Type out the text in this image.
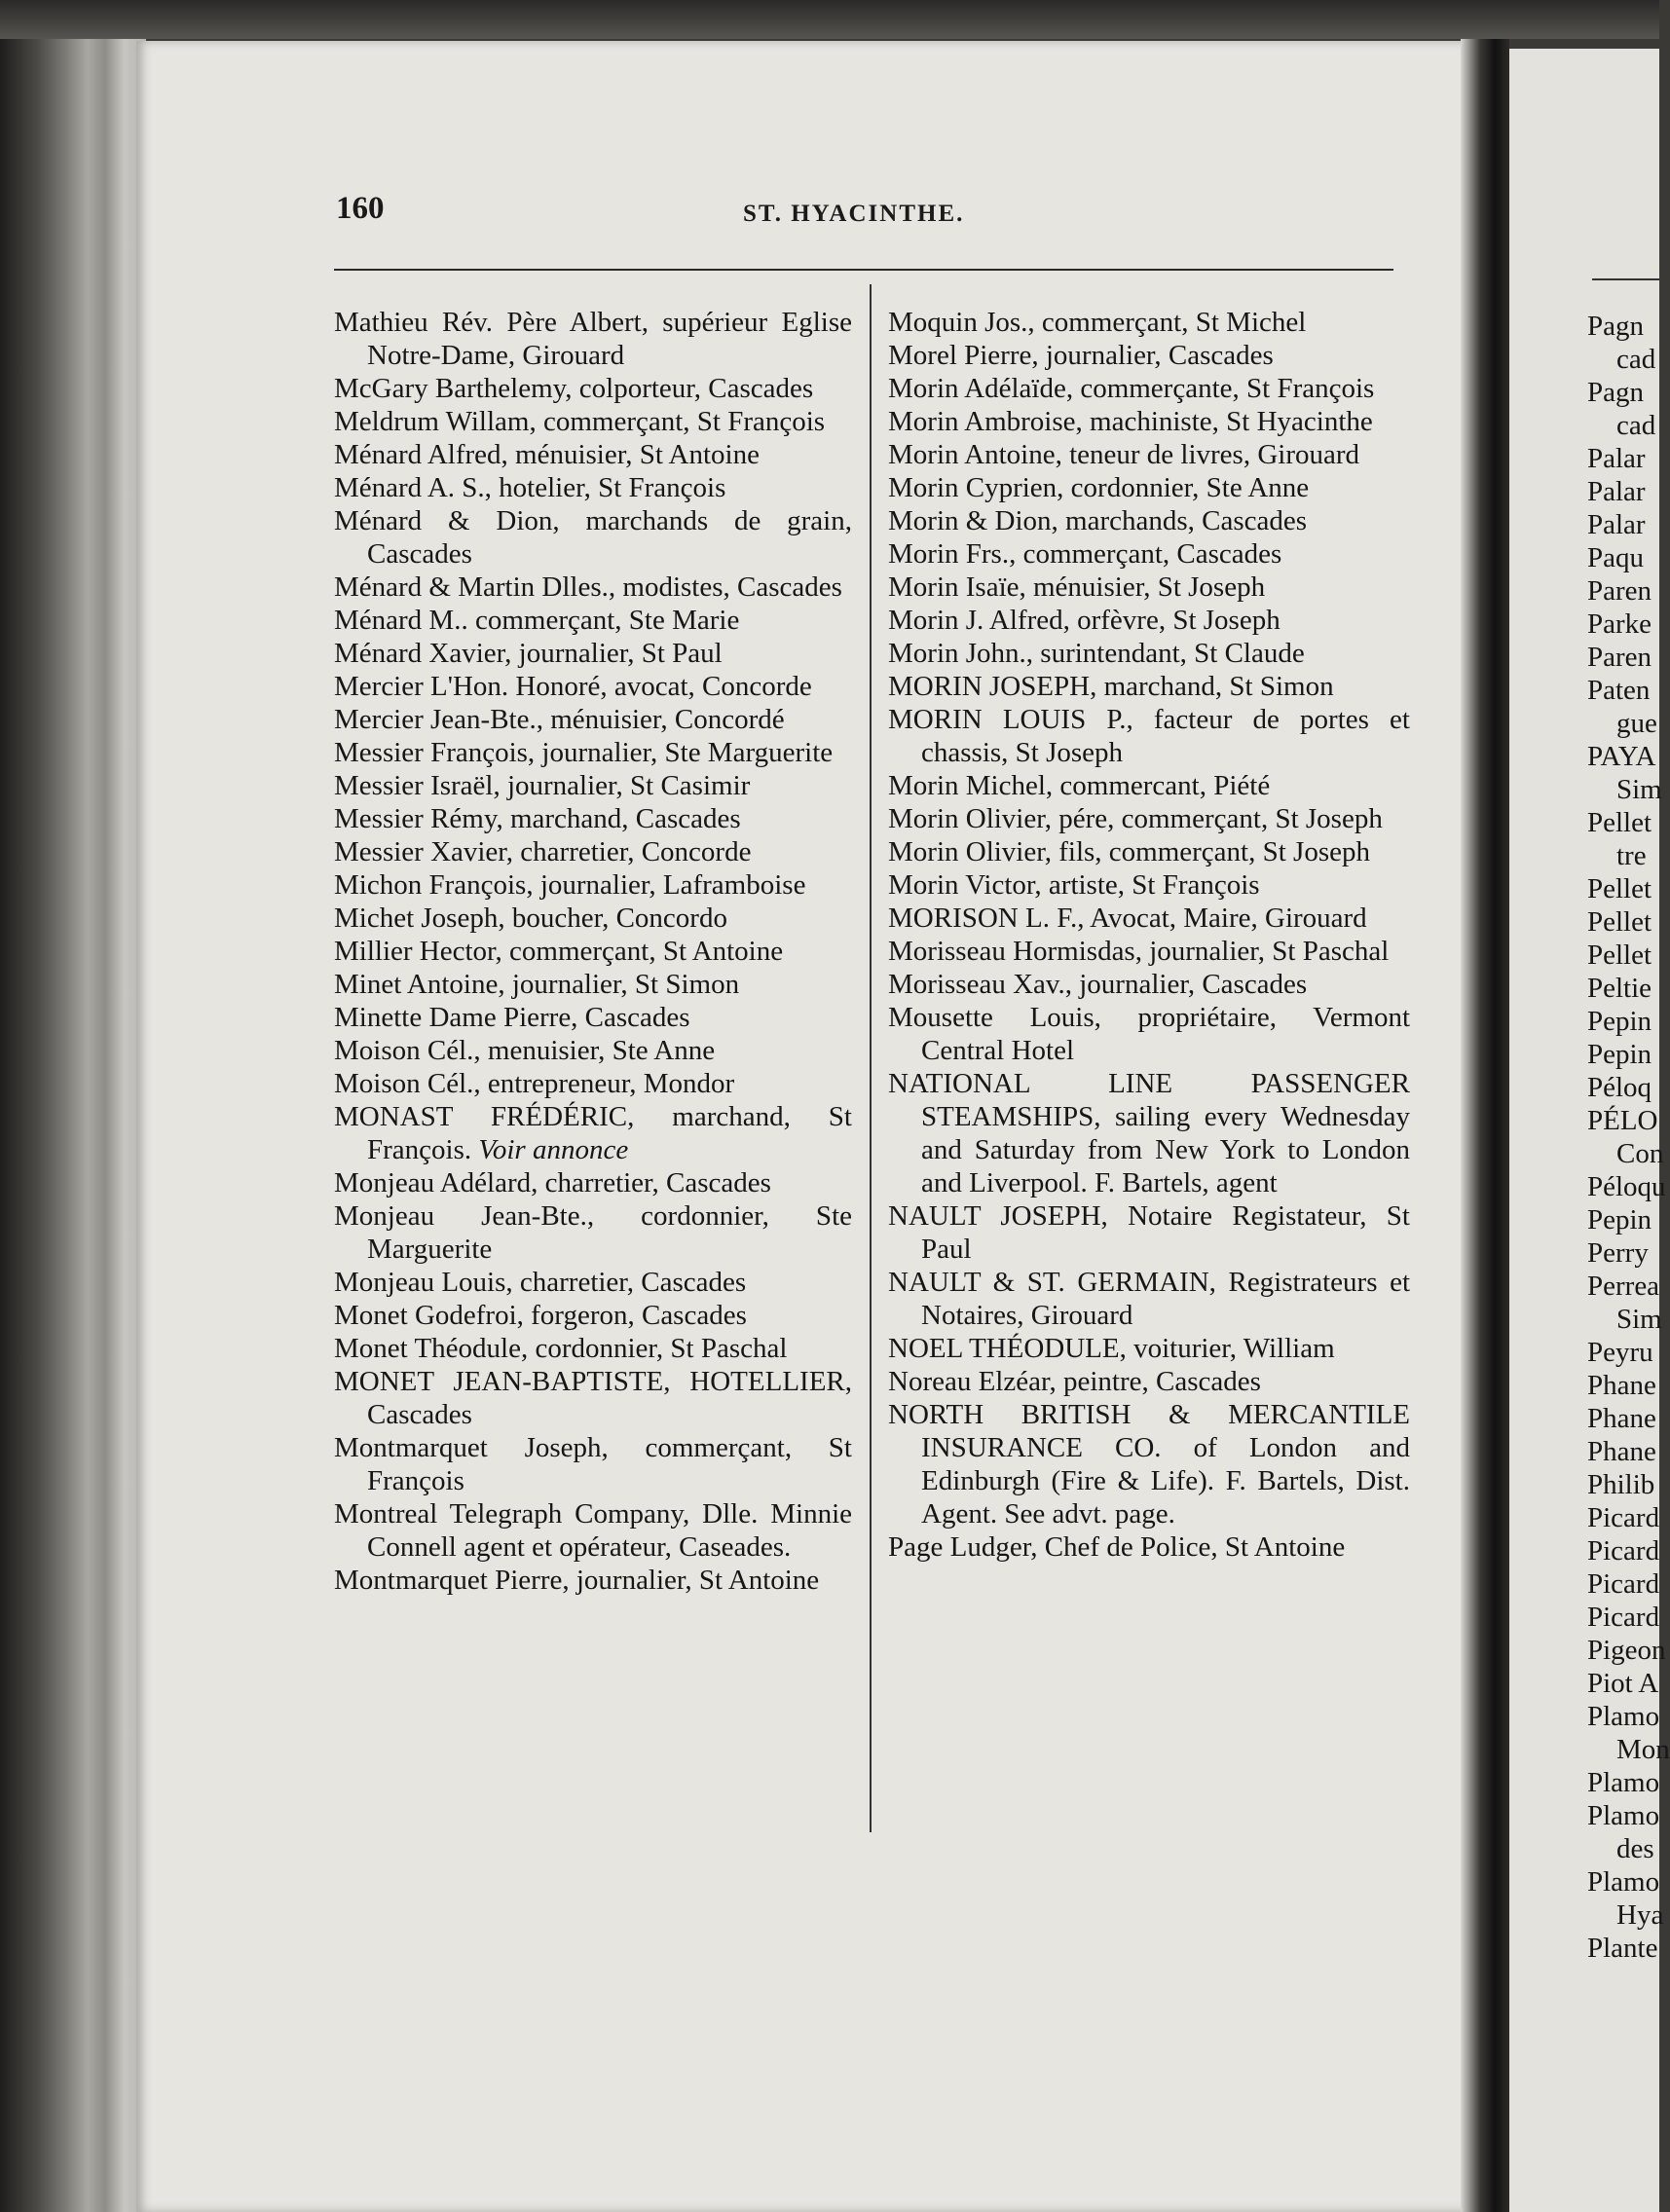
160	ST. HYACINTHE.

Mathieu Rév. Père Albert, supérieur Eglise Notre-Dame, Girouard

McGary Barthelemy, colporteur, Cascades

Meldrum Willam, commerçant, St François

Ménard Alfred, ménuisier, St Antoine

Ménard A. S., hotelier, St François

Ménard & Dion, marchands de grain, Cascades

Ménard & Martin Dlles., modistes, Cascades

Ménard M.. commerçant, Ste Marie

Ménard Xavier, journalier, St Paul

Mercier L'Hon. Honoré, avocat, Concorde

Mercier Jean-Bte., ménuisier, Concordé

Messier François, journalier, Ste Marguerite

Messier Israël, journalier, St Casimir

Messier Rémy, marchand, Cascades

Messier Xavier, charretier, Concorde

Michon François, journalier, Laframboise

Michet Joseph, boucher, Concordo

Millier Hector, commerçant, St Antoine

Minet Antoine, journalier, St Simon

Minette Dame Pierre, Cascades

Moison Cél., menuisier, Ste Anne

Moison Cél., entrepreneur, Mondor

MONAST FRÉDÉRIC, marchand, St François. Voir annonce

Monjeau Adélard, charretier, Cascades

Monjeau Jean-Bte., cordonnier, Ste Marguerite

Monjeau Louis, charretier, Cascades

Monet Godefroi, forgeron, Cascades

Monet Théodule, cordonnier, St Paschal

MONET JEAN-BAPTISTE, HOTELLIER, Cascades

Montmarquet Joseph, commerçant, St François

Montreal Telegraph Company, Dlle. Minnie Connell agent et opérateur, Caseades.

Montmarquet Pierre, journalier, St Antoine

Moquin Jos., commerçant, St Michel

Morel Pierre, journalier, Cascades

Morin Adélaïde, commerçante, St François

Morin Ambroise, machiniste, St Hyacinthe

Morin Antoine, teneur de livres, Girouard

Morin Cyprien, cordonnier, Ste Anne

Morin & Dion, marchands, Cascades

Morin Frs., commerçant, Cascades

Morin Isaïe, ménuisier, St Joseph

Morin J. Alfred, orfèvre, St Joseph

Morin John., surintendant, St Claude

MORIN JOSEPH, marchand, St Simon

MORIN LOUIS P., facteur de portes et chassis, St Joseph

Morin Michel, commercant, Piété

Morin Olivier, pére, commerçant, St Joseph

Morin Olivier, fils, commerçant, St Joseph

Morin Victor, artiste, St François

MORISON L. F., Avocat, Maire, Girouard

Morisseau Hormisdas, journalier, St Paschal

Morisseau Xav., journalier, Cascades

Mousette Louis, propriétaire, Vermont Central Hotel

NATIONAL LINE PASSENGER STEAMSHIPS, sailing every Wednesday and Saturday from New York to London and Liverpool. F. Bartels, agent

NAULT JOSEPH, Notaire Registateur, St Paul

NAULT & ST. GERMAIN, Registrateurs et Notaires, Girouard

NOEL THÉODULE, voiturier, William

Noreau Elzéar, peintre, Cascades

NORTH BRITISH & MERCANTILE INSURANCE CO. of London and Edinburgh (Fire & Life). F. Bartels, Dist. Agent. See advt. page.

Page Ludger, Chef de Police, St Antoine

Pagn

cad

Pagn

cad

Palar

Palar

Palar

Paqu

Paren

Parke

Paren

Paten

gue

PAYA

Sim

Pellet

tre

Pellet

Pellet

Pellet

Peltie

Pepin

Pepin

Péloq

PÉLO

Con

Péloqu

Pepin

Perry

Perrea

Sim

Peyru

Phane

Phane

Phane

Philib

Picard

Picard

Picard

Picard

Pigeon

Piot A

Plamo

Mon

Plamo

Plamo

des

Plamo

Hya

Plante
